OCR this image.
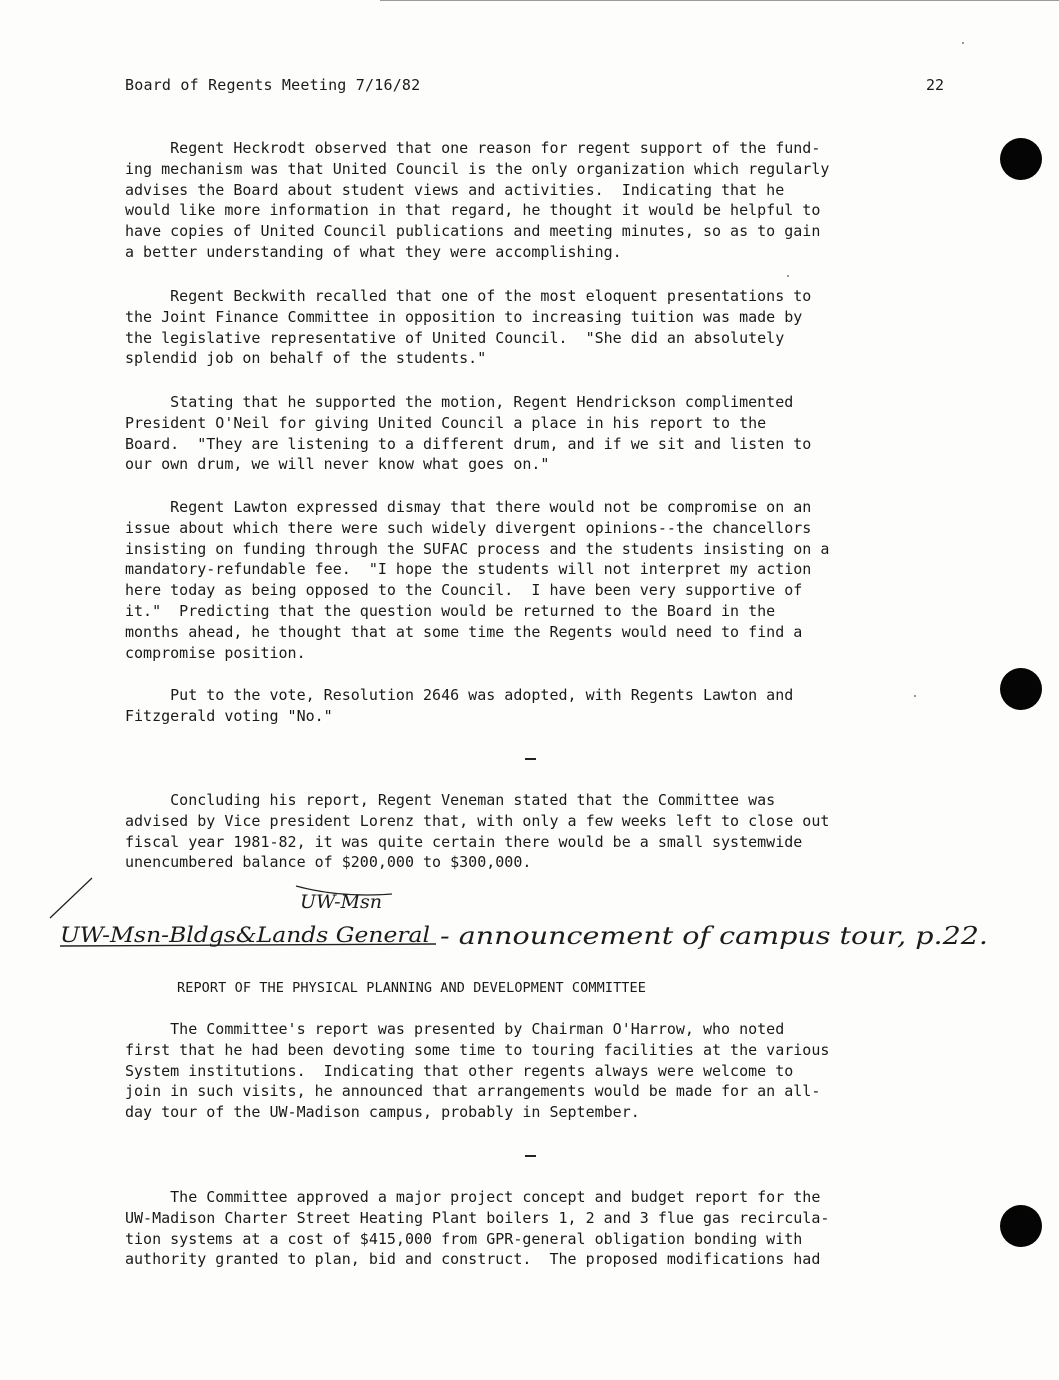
Board of Regents Meeting 7/16/82	22

Regent Heckrodt observed that one reason for regent support of the fund-
ing mechanism was that United Council is the only organization which regularly
advises the Board about student views and activities.  Indicating that he
would like more information in that regard, he thought it would be helpful to
have copies of United Council publications and meeting minutes, so as to gain
a better understanding of what they were accomplishing.

Regent Beckwith recalled that one of the most eloquent presentations to
the Joint Finance Committee in opposition to increasing tuition was made by
the legislative representative of United Council.  "She did an absolutely
splendid job on behalf of the students."

Stating that he supported the motion, Regent Hendrickson complimented
President O'Neil for giving United Council a place in his report to the
Board.  "They are listening to a different drum, and if we sit and listen to
our own drum, we will never know what goes on."

Regent Lawton expressed dismay that there would not be compromise on an
issue about which there were such widely divergent opinions--the chancellors
insisting on funding through the SUFAC process and the students insisting on a
mandatory-refundable fee.  "I hope the students will not interpret my action
here today as being opposed to the Council.  I have been very supportive of
it."  Predicting that the question would be returned to the Board in the
months ahead, he thought that at some time the Regents would need to find a
compromise position.

Put to the vote, Resolution 2646 was adopted, with Regents Lawton and
Fitzgerald voting "No."

Concluding his report, Regent Veneman stated that the Committee was
advised by Vice president Lorenz that, with only a few weeks left to close out
fiscal year 1981-82, it was quite certain there would be a small systemwide
unencumbered balance of $200,000 to $300,000.

UW-Msn
UW-Msn-Bldgs&Lands General - announcement of campus tour, p.22.
REPORT OF THE PHYSICAL PLANNING AND DEVELOPMENT COMMITTEE

The Committee's report was presented by Chairman O'Harrow, who noted
first that he had been devoting some time to touring facilities at the various
System institutions.  Indicating that other regents always were welcome to
join in such visits, he announced that arrangements would be made for an all-
day tour of the UW-Madison campus, probably in September.

The Committee approved a major project concept and budget report for the
UW-Madison Charter Street Heating Plant boilers 1, 2 and 3 flue gas recircula-
tion systems at a cost of $415,000 from GPR-general obligation bonding with
authority granted to plan, bid and construct.  The proposed modifications had
